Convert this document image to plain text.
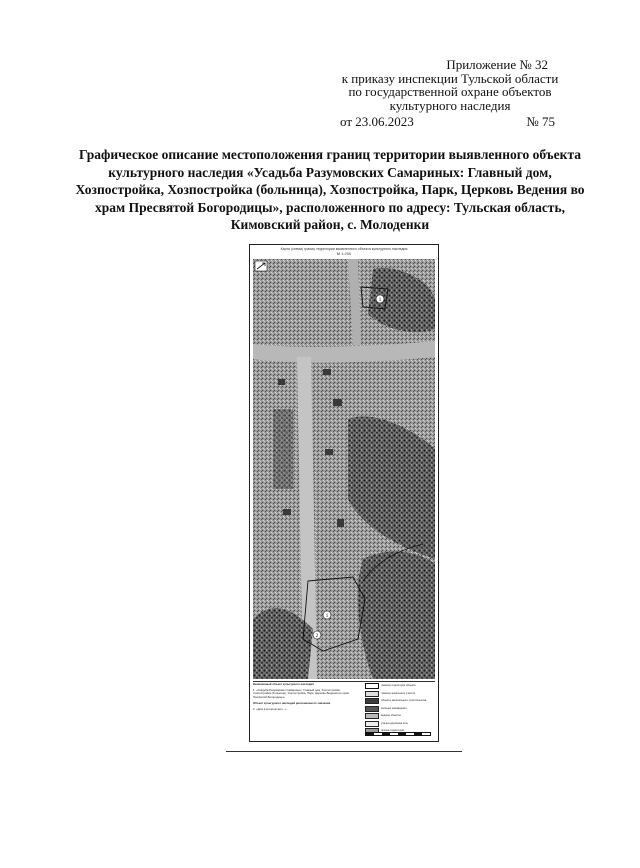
Приложение № 32
к приказу инспекции Тульской области
по государственной охране объектов
культурного наследия
от 23.06.2023	№ 75
Графическое описание местоположения границ территории выявленного объекта культурного наследия «Усадьба Разумовских Самариных: Главный дом, Хозпостройка, Хозпостройка (больница), Хозпостройка, Парк, Церковь Ведения во храм Пресвятой Богородицы», расположенного по адресу: Тульская область, Кимовский район, с. Молоденки
Карта (схема) границ территории выявленного объекта культурного наследия
М 1:200
1
1
2
Выявленный объект культурного наследия
1. «Усадьба Разумовских Самариных: Главный дом, Хозпостройка, Хозпостройка (больница), Хозпостройка, Парк, Церковь Ведения во храм Пресвятой Богородицы»
Объект культурного наследия регионального значения
2. «Дом в котором жил...»
граница территории объекта
граница земельного участка
объекты капитального строительства
зеленые насаждения
водные объекты
улично-дорожная сеть
прочие территории
